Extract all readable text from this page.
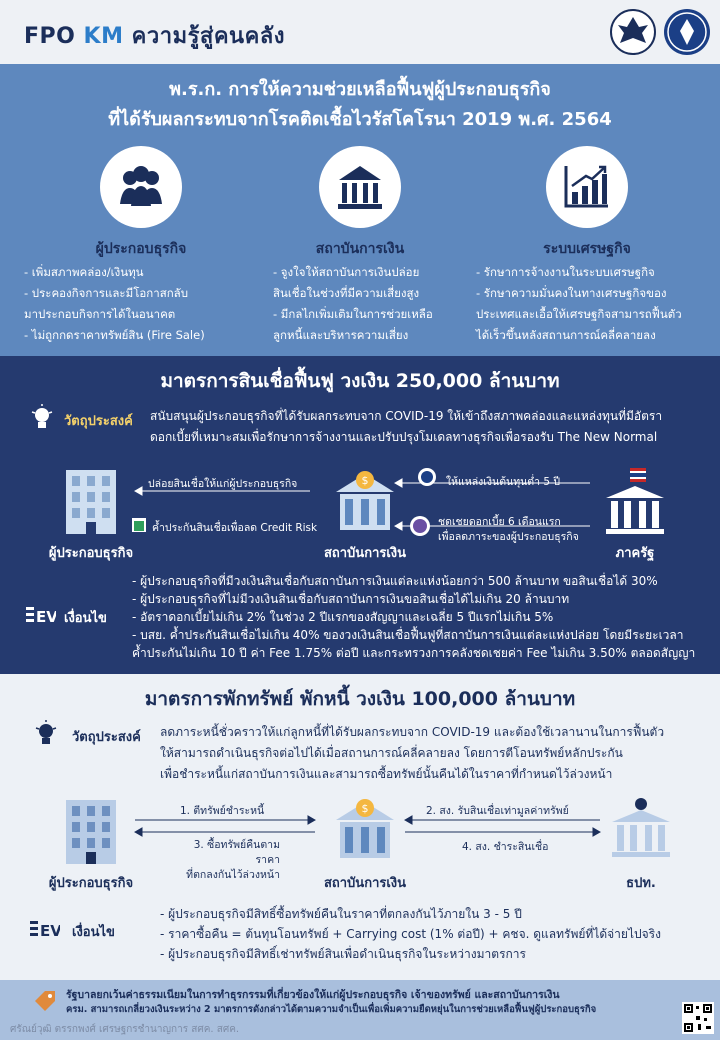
FPO KM ความรู้สู่คนคลัง
พ.ร.ก. การให้ความช่วยเหลือฟื้นฟูผู้ประกอบธุรกิจ
ที่ได้รับผลกระทบจากโรคติดเชื้อไวรัสโคโรนา 2019 พ.ศ. 2564
ผู้ประกอบธุรกิจ
- เพิ่มสภาพคล่อง/เงินทุน
- ประคองกิจการและมีโอกาสกลับ
มาประกอบกิจการได้ในอนาคต
- ไม่ถูกกดราคาทรัพย์สิน (Fire Sale)
สถาบันการเงิน
- จูงใจให้สถาบันการเงินปล่อย
สินเชื่อในช่วงที่มีความเสี่ยงสูง
- มีกลไกเพิ่มเติมในการช่วยเหลือ
ลูกหนี้และบริหารความเสี่ยง
ระบบเศรษฐกิจ
- รักษาการจ้างงานในระบบเศรษฐกิจ
- รักษาความมั่นคงในทางเศรษฐกิจของ
ประเทศและเอื้อให้เศรษฐกิจสามารถฟื้นตัว
ได้เร็วขึ้นหลังสถานการณ์คลี่คลายลง
มาตรการสินเชื่อฟื้นฟู วงเงิน 250,000 ล้านบาท
วัตถุประสงค์ สนับสนุนผู้ประกอบธุรกิจที่ได้รับผลกระทบจาก COVID-19 ให้เข้าถึงสภาพคล่องและแหล่งทุนที่มีอัตรา
ดอกเบี้ยที่เหมาะสมเพื่อรักษาการจ้างงานและปรับปรุงโมเดลทางธุรกิจเพื่อรองรับ The New Normal
ผู้ประกอบธุรกิจ
$
สถาบันการเงิน	ภาครัฐ
ปล่อยสินเชื่อให้แก่ผู้ประกอบธุรกิจ
ค้ำประกันสินเชื่อเพื่อลด Credit Risk
ให้แหล่งเงินต้นทุนต่ำ 5 ปี
ชดเชยดอกเบี้ย 6 เดือนแรก
เพื่อลดภาระของผู้ประกอบธุรกิจ
EV เงื่อนไข
- ผู้ประกอบธุรกิจที่มีวงเงินสินเชื่อกับสถาบันการเงินแต่ละแห่งน้อยกว่า 500 ล้านบาท ขอสินเชื่อได้ 30%
- ผู้ประกอบธุรกิจที่ไม่มีวงเงินสินเชื่อกับสถาบันการเงินขอสินเชื่อได้ไม่เกิน 20 ล้านบาท
- อัตราดอกเบี้ยไม่เกิน 2% ในช่วง 2 ปีแรกของสัญญาและเฉลี่ย 5 ปีแรกไม่เกิน 5%
- บสย. ค้ำประกันสินเชื่อไม่เกิน 40% ของวงเงินสินเชื่อฟื้นฟูที่สถาบันการเงินแต่ละแห่งปล่อย โดยมีระยะเวลา
ค้ำประกันไม่เกิน 10 ปี ค่า Fee 1.75% ต่อปี และกระทรวงการคลังชดเชยค่า Fee ไม่เกิน 3.50% ตลอดสัญญา
มาตรการพักทรัพย์ พักหนี้ วงเงิน 100,000 ล้านบาท
วัตถุประสงค์ ลดภาระหนี้ชั่วคราวให้แก่ลูกหนี้ที่ได้รับผลกระทบจาก COVID-19 และต้องใช้เวลานานในการฟื้นตัว
ให้สามารถดำเนินธุรกิจต่อไปได้เมื่อสถานการณ์คลี่คลายลง โดยการตีโอนทรัพย์หลักประกัน
เพื่อชำระหนี้แก่สถาบันการเงินและสามารถซื้อทรัพย์นั้นคืนได้ในราคาที่กำหนดไว้ล่วงหน้า
ผู้ประกอบธุรกิจ
$
สถาบันการเงิน	ธปท.
1. ตีทรัพย์ชำระหนี้
3. ซื้อทรัพย์คืนตามราคา
ที่ตกลงกันไว้ล่วงหน้า
2. สง. รับสินเชื่อเท่ามูลค่าทรัพย์
4. สง. ชำระสินเชื่อ
EV เงื่อนไข
- ผู้ประกอบธุรกิจมีสิทธิ์ซื้อทรัพย์คืนในราคาที่ตกลงกันไว้ภายใน 3 - 5 ปี
- ราคาซื้อคืน = ต้นทุนโอนทรัพย์ + Carrying cost (1% ต่อปี) + คชจ. ดูแลทรัพย์ที่ได้จ่ายไปจริง
- ผู้ประกอบธุรกิจมีสิทธิ์เช่าทรัพย์สินเพื่อดำเนินธุรกิจในระหว่างมาตรการ
รัฐบาลยกเว้นค่าธรรมเนียมในการทำธุรกรรมที่เกี่ยวข้องให้แก่ผู้ประกอบธุรกิจ เจ้าของทรัพย์ และสถาบันการเงิน
ครม. สามารถเกลี่ยวงเงินระหว่าง 2 มาตรการดังกล่าวได้ตามความจำเป็นเพื่อเพิ่มความยืดหยุ่นในการช่วยเหลือฟื้นฟูผู้ประกอบธุรกิจ
ศรัณย์วุฒิ ตรรกพงศ์ เศรษฐกรชำนาญการ สศค. สศค.
